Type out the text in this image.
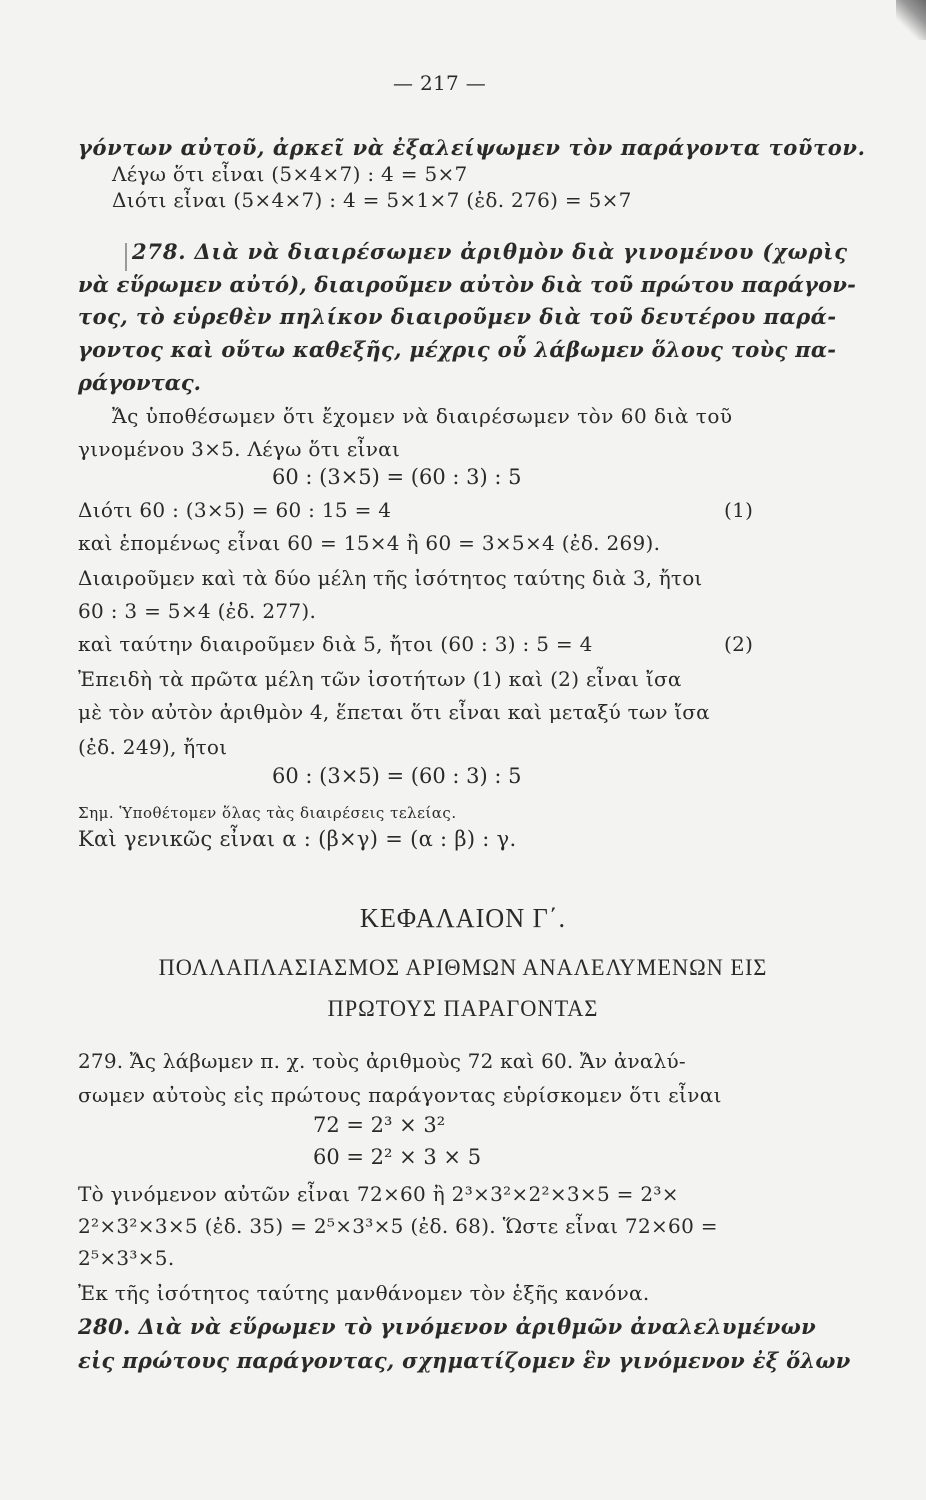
— 217 —
γόντων αὐτοῦ, ἀρκεῖ νὰ ἐξαλείψωμεν τὸν παράγοντα τοῦτον.
Λέγω ὅτι εἶναι (5×4×7) : 4 = 5×7
Διότι εἶναι (5×4×7) : 4 = 5×1×7 (ἐδ. 276) = 5×7
278. Διὰ νὰ διαιρέσωμεν ἀριθμὸν διὰ γινομένου (χωρὶς
νὰ εὕρωμεν αὐτό), διαιροῦμεν αὐτὸν διὰ τοῦ πρώτου παράγον-
τος, τὸ εὑρεθὲν πηλίκον διαιροῦμεν διὰ τοῦ δευτέρου παρά-
γοντος καὶ οὕτω καθεξῆς, μέχρις οὗ λάβωμεν ὅλους τοὺς πα-
ράγοντας.
Ἄς ὑποθέσωμεν ὅτι ἔχομεν νὰ διαιρέσωμεν τὸν 60 διὰ τοῦ
γινομένου 3×5. Λέγω ὅτι εἶναι
60 : (3×5) = (60 : 3) : 5
Διότι 60 : (3×5) = 60 : 15 = 4	(1)
καὶ ἑπομένως εἶναι 60 = 15×4 ἢ 60 = 3×5×4 (ἐδ. 269).
Διαιροῦμεν καὶ τὰ δύο μέλη τῆς ἰσότητος ταύτης διὰ 3, ἤτοι
60 : 3 = 5×4 (ἐδ. 277).
καὶ ταύτην διαιροῦμεν διὰ 5, ἤτοι (60 : 3) : 5 = 4	(2)
Ἐπειδὴ τὰ πρῶτα μέλη τῶν ἰσοτήτων (1) καὶ (2) εἶναι ἴσα
μὲ τὸν αὐτὸν ἀριθμὸν 4, ἕπεται ὅτι εἶναι καὶ μεταξύ των ἴσα
(ἐδ. 249), ἤτοι
60 : (3×5) = (60 : 3) : 5
Σημ. Ὑποθέτομεν ὅλας τὰς διαιρέσεις τελείας.
Καὶ γενικῶς εἶναι α : (β×γ) = (α : β) : γ.
ΚΕΦΑΛΑΙΟΝ Γ΄.
ΠΟΛΛΑΠΛΑΣΙΑΣΜΟΣ ΑΡΙΘΜΩΝ ΑΝΑΛΕΛΥΜΕΝΩΝ ΕΙΣ
ΠΡΩΤΟΥΣ ΠΑΡΑΓΟΝΤΑΣ
279. Ἄς λάβωμεν π. χ. τοὺς ἀριθμοὺς 72 καὶ 60. Ἄν ἀναλύ-
σωμεν αὐτοὺς εἰς πρώτους παράγοντας εὑρίσκομεν ὅτι εἶναι
72 = 2³ × 3²
60 = 2² × 3 × 5
Τὸ γινόμενον αὐτῶν εἶναι 72×60 ἢ 2³×3²×2²×3×5 = 2³×
2²×3²×3×5 (ἐδ. 35) = 2⁵×3³×5 (ἐδ. 68). Ὥστε εἶναι 72×60 =
2⁵×3³×5.
Ἐκ τῆς ἰσότητος ταύτης μανθάνομεν τὸν ἑξῆς κανόνα.
280. Διὰ νὰ εὕρωμεν τὸ γινόμενον ἀριθμῶν ἀναλελυμένων
εἰς πρώτους παράγοντας, σχηματίζομεν ἓν γινόμενον ἐξ ὅλων
